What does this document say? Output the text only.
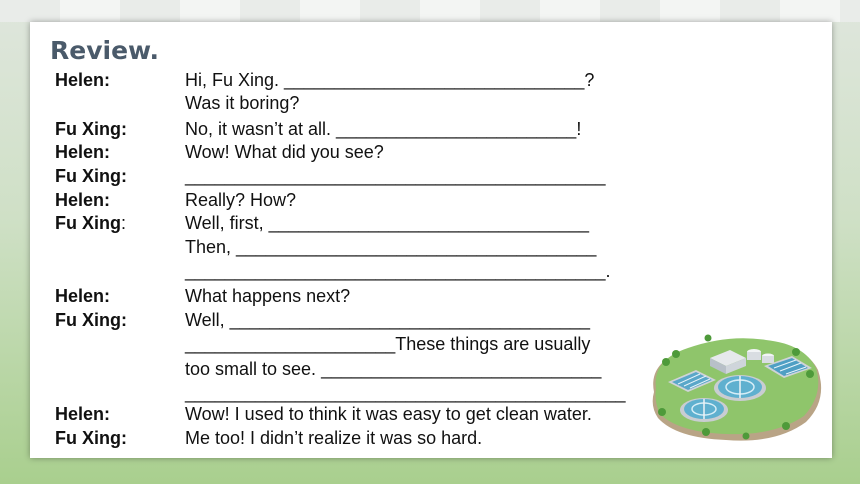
Review.
Helen:	Hi, Fu Xing. ______________________________?
Was it boring?
Fu Xing:	No, it wasn’t at all. ________________________!
Helen:	Wow! What did you see?
Fu Xing:	__________________________________________
Helen:	Really? How?
Fu Xing:	Well, first, ________________________________
Then, ____________________________________
__________________________________________.
Helen:	What happens next?
Fu Xing:	Well, ____________________________________
_____________________These things are usually
too small to see. ____________________________
____________________________________________
Helen:	Wow! I used to think it was easy to get clean water.
Fu Xing:	Me too! I didn’t realize it was so hard.
